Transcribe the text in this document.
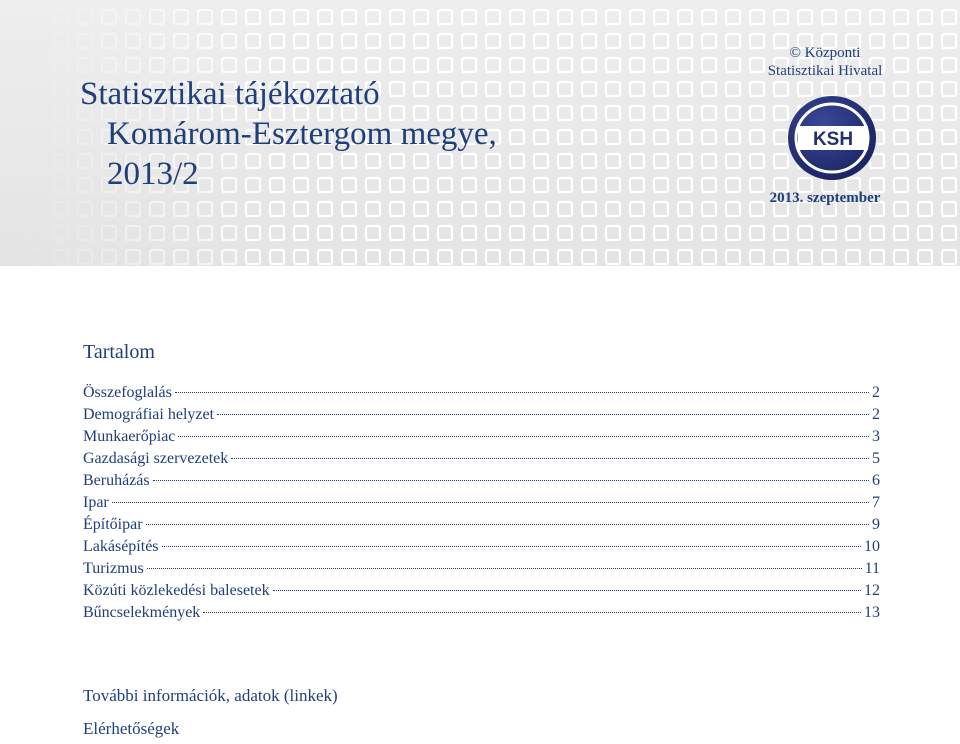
Statisztikai tájékoztató
Komárom-Esztergom megye,
2013/2
© Központi
Statisztikai Hivatal
KSH
2013. szeptember
Tartalom
Összefoglalás	2
Demográfiai helyzet	2
Munkaerőpiac	3
Gazdasági szervezetek	5
Beruházás	6
Ipar	7
Építőipar	9
Lakásépítés	10
Turizmus	11
Közúti közlekedési balesetek	12
Bűncselekmények	13
További információk, adatok (linkek)
Elérhetőségek
